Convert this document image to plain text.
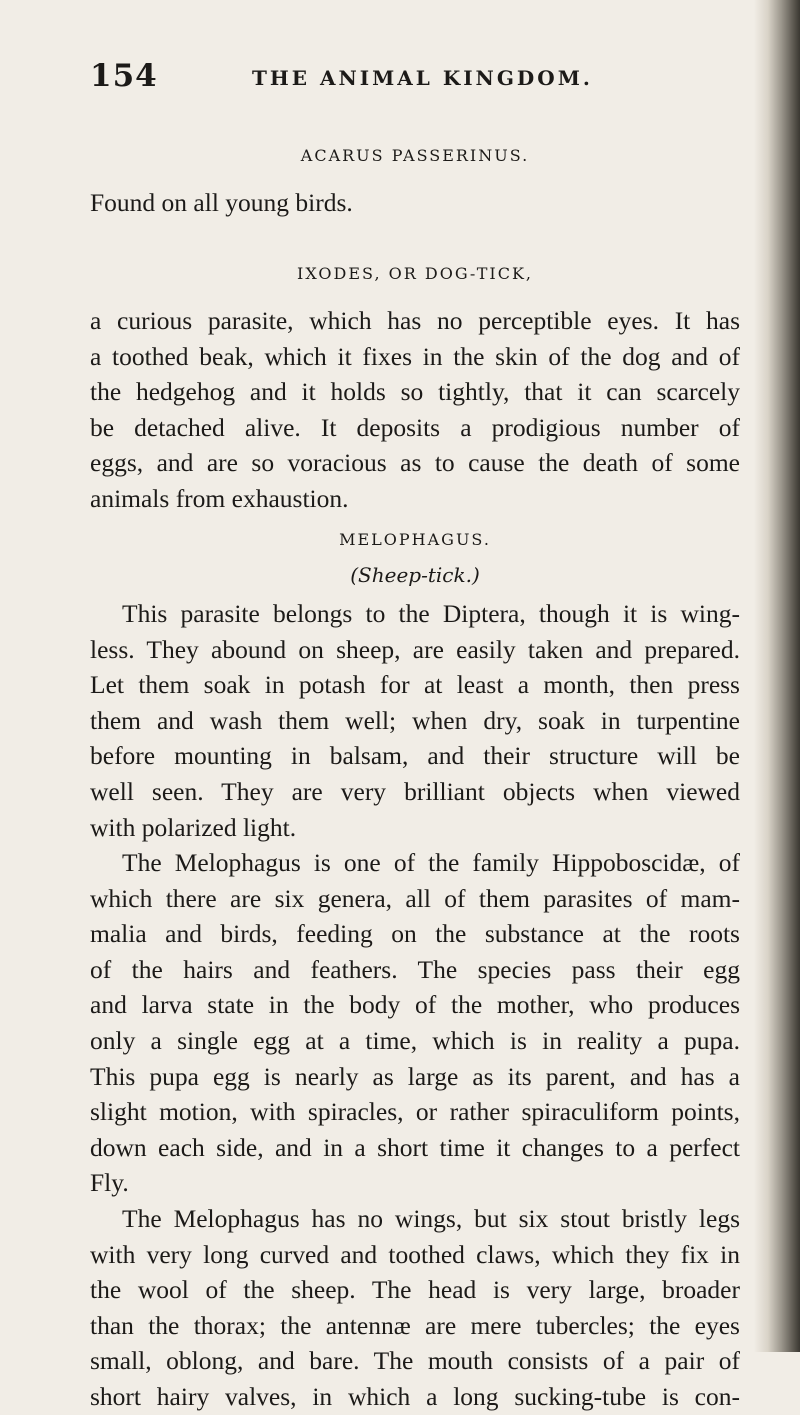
154	THE ANIMAL KINGDOM.
ACARUS PASSERINUS.
Found on all young birds.
IXODES, OR DOG-TICK,
a curious parasite, which has no perceptible eyes. It has
a toothed beak, which it fixes in the skin of the dog and of
the hedgehog and it holds so tightly, that it can scarcely
be detached alive. It deposits a prodigious number of
eggs, and are so voracious as to cause the death of some
animals from exhaustion.
MELOPHAGUS.
(Sheep-tick.)
This parasite belongs to the Diptera, though it is wing-
less. They abound on sheep, are easily taken and prepared.
Let them soak in potash for at least a month, then press
them and wash them well; when dry, soak in turpentine
before mounting in balsam, and their structure will be
well seen. They are very brilliant objects when viewed
with polarized light.
The Melophagus is one of the family Hippoboscidæ, of
which there are six genera, all of them parasites of mam-
malia and birds, feeding on the substance at the roots
of the hairs and feathers. The species pass their egg
and larva state in the body of the mother, who produces
only a single egg at a time, which is in reality a pupa.
This pupa egg is nearly as large as its parent, and has a
slight motion, with spiracles, or rather spiraculiform points,
down each side, and in a short time it changes to a perfect
Fly.
The Melophagus has no wings, but six stout bristly legs
with very long curved and toothed claws, which they fix in
the wool of the sheep. The head is very large, broader
than the thorax; the antennæ are mere tubercles; the eyes
small, oblong, and bare. The mouth consists of a pair of
short hairy valves, in which a long sucking-tube is con-
